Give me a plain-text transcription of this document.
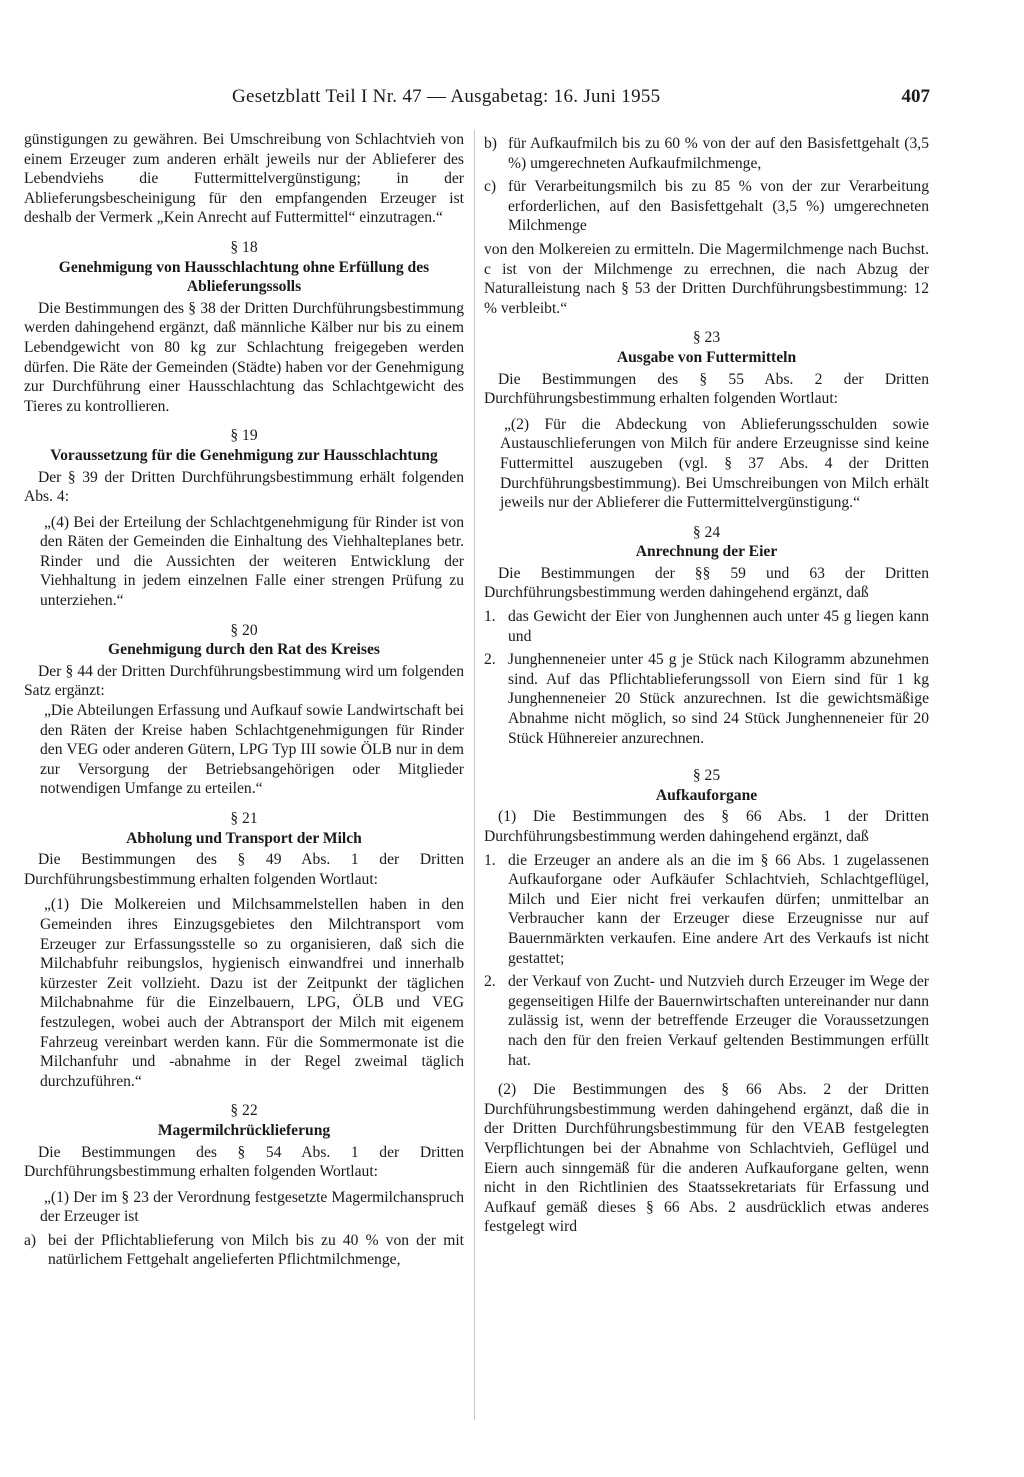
Gesetzblatt Teil I Nr. 47 — Ausgabetag: 16. Juni 1955	407

günstigungen zu gewähren. Bei Umschreibung von Schlachtvieh von einem Erzeuger zum anderen erhält jeweils nur der Ablieferer des Lebendviehs die Futtermittelvergünstigung; in der Ablieferungsbescheinigung für den empfangenden Erzeuger ist deshalb der Vermerk „Kein Anrecht auf Futtermittel“ einzutragen.“

§ 18
Genehmigung von Hausschlachtung ohne Erfüllung des Ablieferungssolls

Die Bestimmungen des § 38 der Dritten Durchführungsbestimmung werden dahingehend ergänzt, daß männliche Kälber nur bis zu einem Lebendgewicht von 80 kg zur Schlachtung freigegeben werden dürfen. Die Räte der Gemeinden (Städte) haben vor der Genehmigung zur Durchführung einer Hausschlachtung das Schlachtgewicht des Tieres zu kontrollieren.

§ 19
Voraussetzung für die Genehmigung zur Hausschlachtung

Der § 39 der Dritten Durchführungsbestimmung erhält folgenden Abs. 4:

„(4) Bei der Erteilung der Schlachtgenehmigung für Rinder ist von den Räten der Gemeinden die Einhaltung des Viehhalteplanes betr. Rinder und die Aussichten der weiteren Entwicklung der Viehhaltung in jedem einzelnen Falle einer strengen Prüfung zu unterziehen.“

§ 20
Genehmigung durch den Rat des Kreises

Der § 44 der Dritten Durchführungsbestimmung wird um folgenden Satz ergänzt:

„Die Abteilungen Erfassung und Aufkauf sowie Landwirtschaft bei den Räten der Kreise haben Schlachtgenehmigungen für Rinder den VEG oder anderen Gütern, LPG Typ III sowie ÖLB nur in dem zur Versorgung der Betriebsangehörigen oder Mitglieder notwendigen Umfange zu erteilen.“

§ 21
Abholung und Transport der Milch

Die Bestimmungen des § 49 Abs. 1 der Dritten Durchführungsbestimmung erhalten folgenden Wortlaut:

„(1) Die Molkereien und Milchsammelstellen haben in den Gemeinden ihres Einzugsgebietes den Milchtransport vom Erzeuger zur Erfassungsstelle so zu organisieren, daß sich die Milchabfuhr reibungslos, hygienisch einwandfrei und innerhalb kürzester Zeit vollzieht. Dazu ist der Zeitpunkt der täglichen Milchabnahme für die Einzelbauern, LPG, ÖLB und VEG festzulegen, wobei auch der Abtransport der Milch mit eigenem Fahrzeug vereinbart werden kann. Für die Sommermonate ist die Milchanfuhr und -abnahme in der Regel zweimal täglich durchzuführen.“

§ 22
Magermilchrücklieferung

Die Bestimmungen des § 54 Abs. 1 der Dritten Durchführungsbestimmung erhalten folgenden Wortlaut:

„(1) Der im § 23 der Verordnung festgesetzte Magermilchanspruch der Erzeuger ist

a) bei der Pflichtablieferung von Milch bis zu 40 % von der mit natürlichem Fettgehalt angelieferten Pflichtmilchmenge,
b) für Aufkaufmilch bis zu 60 % von der auf den Basisfettgehalt (3,5 %) umgerechneten Aufkaufmilchmenge,
c) für Verarbeitungsmilch bis zu 85 % von der zur Verarbeitung erforderlichen, auf den Basisfettgehalt (3,5 %) umgerechneten Milchmenge

von den Molkereien zu ermitteln. Die Magermilchmenge nach Buchst. c ist von der Milchmenge zu errechnen, die nach Abzug der Naturalleistung nach § 53 der Dritten Durchführungsbestimmung: 12 % verbleibt.“

§ 23
Ausgabe von Futtermitteln

Die Bestimmungen des § 55 Abs. 2 der Dritten Durchführungsbestimmung erhalten folgenden Wortlaut:

„(2) Für die Abdeckung von Ablieferungsschulden sowie Austauschlieferungen von Milch für andere Erzeugnisse sind keine Futtermittel auszugeben (vgl. § 37 Abs. 4 der Dritten Durchführungsbestimmung). Bei Umschreibungen von Milch erhält jeweils nur der Ablieferer die Futtermittelvergünstigung.“

§ 24
Anrechnung der Eier

Die Bestimmungen der §§ 59 und 63 der Dritten Durchführungsbestimmung werden dahingehend ergänzt, daß

1. das Gewicht der Eier von Junghennen auch unter 45 g liegen kann und
2. Junghenneneier unter 45 g je Stück nach Kilogramm abzunehmen sind. Auf das Pflichtablieferungssoll von Eiern sind für 1 kg Junghenneneier 20 Stück anzurechnen. Ist die gewichtsmäßige Abnahme nicht möglich, so sind 24 Stück Junghenneneier für 20 Stück Hühnereier anzurechnen.
§ 25
Aufkauforgane

(1) Die Bestimmungen des § 66 Abs. 1 der Dritten Durchführungsbestimmung werden dahingehend ergänzt, daß

1. die Erzeuger an andere als an die im § 66 Abs. 1 zugelassenen Aufkauforgane oder Aufkäufer Schlachtvieh, Schlachtgeflügel, Milch und Eier nicht frei verkaufen dürfen; unmittelbar an Verbraucher kann der Erzeuger diese Erzeugnisse nur auf Bauernmärkten verkaufen. Eine andere Art des Verkaufs ist nicht gestattet;
2. der Verkauf von Zucht- und Nutzvieh durch Erzeuger im Wege der gegenseitigen Hilfe der Bauernwirtschaften untereinander nur dann zulässig ist, wenn der betreffende Erzeuger die Voraussetzungen nach den für den freien Verkauf geltenden Bestimmungen erfüllt hat.

(2) Die Bestimmungen des § 66 Abs. 2 der Dritten Durchführungsbestimmung werden dahingehend ergänzt, daß die in der Dritten Durchführungsbestimmung für den VEAB festgelegten Verpflichtungen bei der Abnahme von Schlachtvieh, Geflügel und Eiern auch sinngemäß für die anderen Aufkauforgane gelten, wenn nicht in den Richtlinien des Staatssekretariats für Erfassung und Aufkauf gemäß dieses § 66 Abs. 2 ausdrücklich etwas anderes festgelegt wird
